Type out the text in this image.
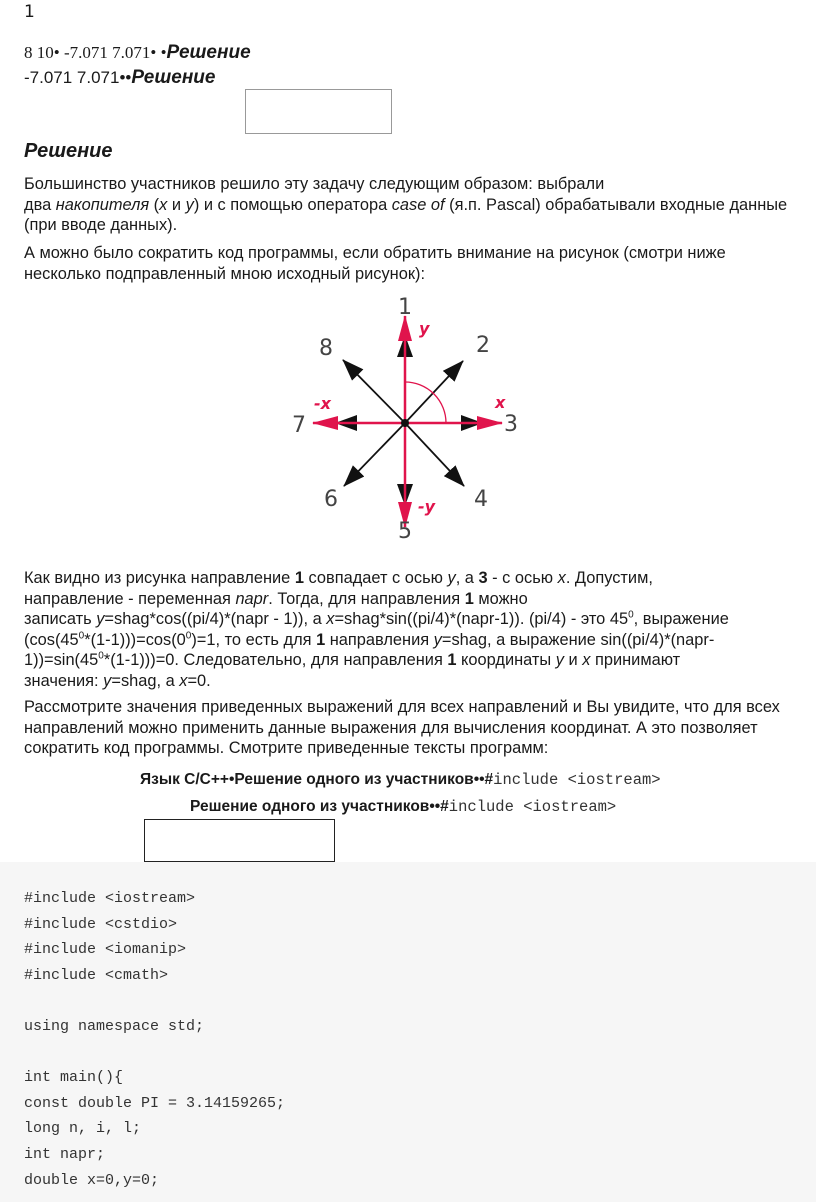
1
8 10• -7.071 7.071• •Решение
-7.071 7.071••Решение
Решение
Большинство участников решило эту задачу следующим образом: выбрали
два накопителя (x и y) и с помощью оператора case of (я.п. Pascal) обрабатывали входные данные (при вводе данных).
А можно было сократить код программы, если обратить внимание на рисунок (смотри ниже несколько подправленный мною исходный рисунок):
1
2
3
4
5
6
7
8
y
x
-x
-y
Как видно из рисунка направление 1 совпадает с осью y, а 3 - с осью x. Допустим,
направление - переменная napr. Тогда, для направления 1 можно
записать y=shag*cos((pi/4)*(napr - 1)), а x=shag*sin((pi/4)*(napr-1)). (pi/4) - это $45^0$, выражение
$(\cos(45^0*(1-1)))=\cos(0^0)=1$, то есть для 1 направления y=shag, а выражение sin((pi/4)*(napr-
$1))=\sin(45^0*(1-1)))=0$. Следовательно, для направления 1 координаты y и x принимают
значения: y=shag, а x=0.
Рассмотрите значения приведенных выражений для всех направлений и Вы увидите, что для всех направлений можно применить данные выражения для вычисления координат. А это позволяет сократить код программы. Смотрите приведенные тексты программ:
Язык C/C++•Решение одного из участников••#include <iostream>
Решение одного из участников••#include <iostream>
#include <iostream>
#include <cstdio>
#include <iomanip>
#include <cmath>

using namespace std;

int main(){
const double PI = 3.14159265;
long n, i, l;
int napr;
double x=0,y=0;
